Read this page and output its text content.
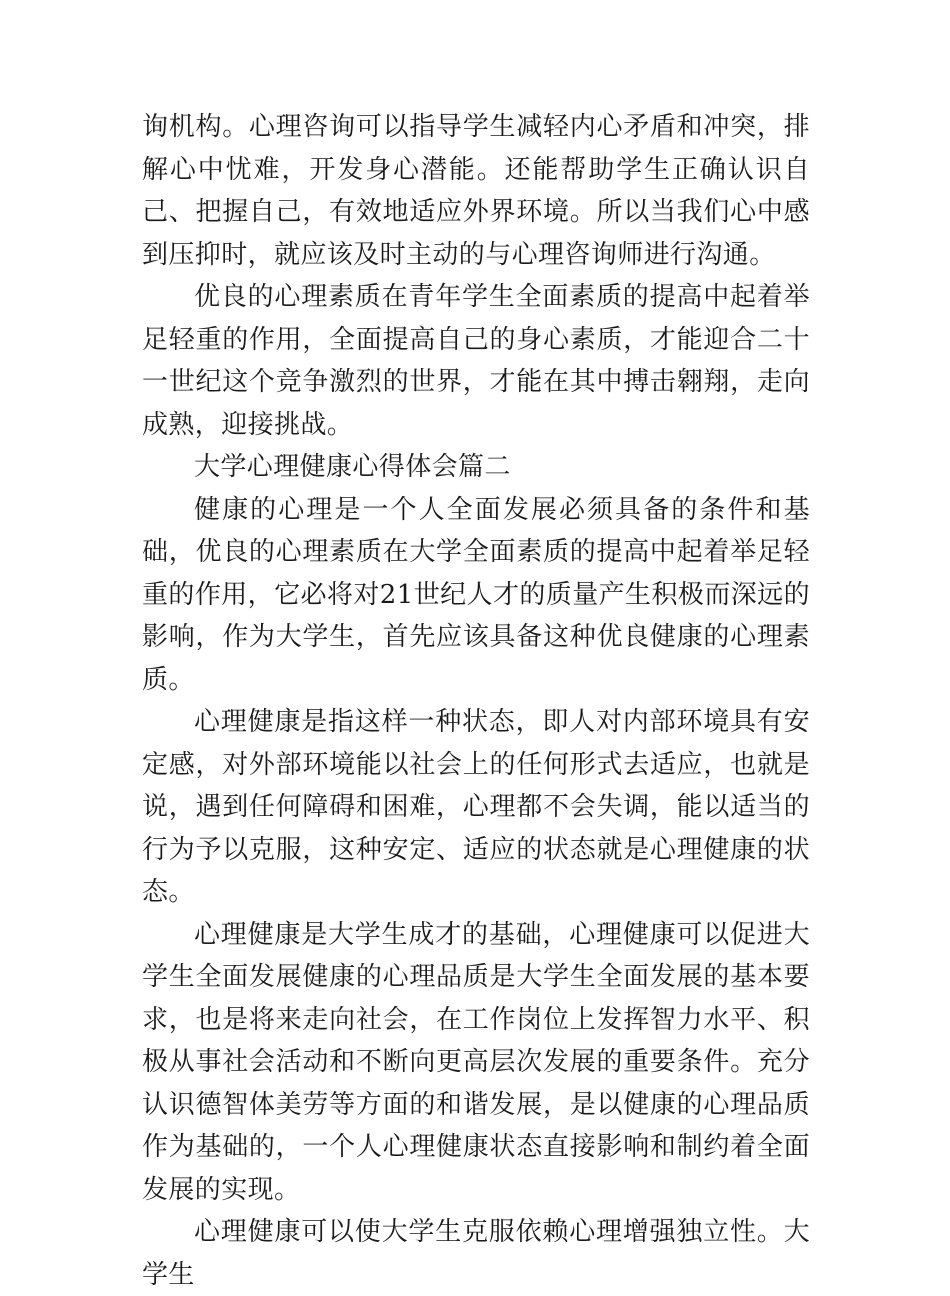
询机构。心理咨询可以指导学生减轻内心矛盾和冲突，排解心中忧难，开发身心潜能。还能帮助学生正确认识自己、把握自己，有效地适应外界环境。所以当我们心中感到压抑时，就应该及时主动的与心理咨询师进行沟通。

优良的心理素质在青年学生全面素质的提高中起着举足轻重的作用，全面提高自己的身心素质，才能迎合二十一世纪这个竞争激烈的世界，才能在其中搏击翱翔，走向成熟，迎接挑战。

大学心理健康心得体会篇二

健康的心理是一个人全面发展必须具备的条件和基础，优良的心理素质在大学全面素质的提高中起着举足轻重的作用，它必将对21世纪人才的质量产生积极而深远的影响，作为大学生，首先应该具备这种优良健康的心理素质。

心理健康是指这样一种状态，即人对内部环境具有安定感，对外部环境能以社会上的任何形式去适应，也就是说，遇到任何障碍和困难，心理都不会失调，能以适当的行为予以克服，这种安定、适应的状态就是心理健康的状态。

心理健康是大学生成才的基础，心理健康可以促进大学生全面发展健康的心理品质是大学生全面发展的基本要求，也是将来走向社会，在工作岗位上发挥智力水平、积极从事社会活动和不断向更高层次发展的重要条件。充分认识德智体美劳等方面的和谐发展，是以健康的心理品质作为基础的，一个人心理健康状态直接影响和制约着全面发展的实现。

心理健康可以使大学生克服依赖心理增强独立性。大学生
